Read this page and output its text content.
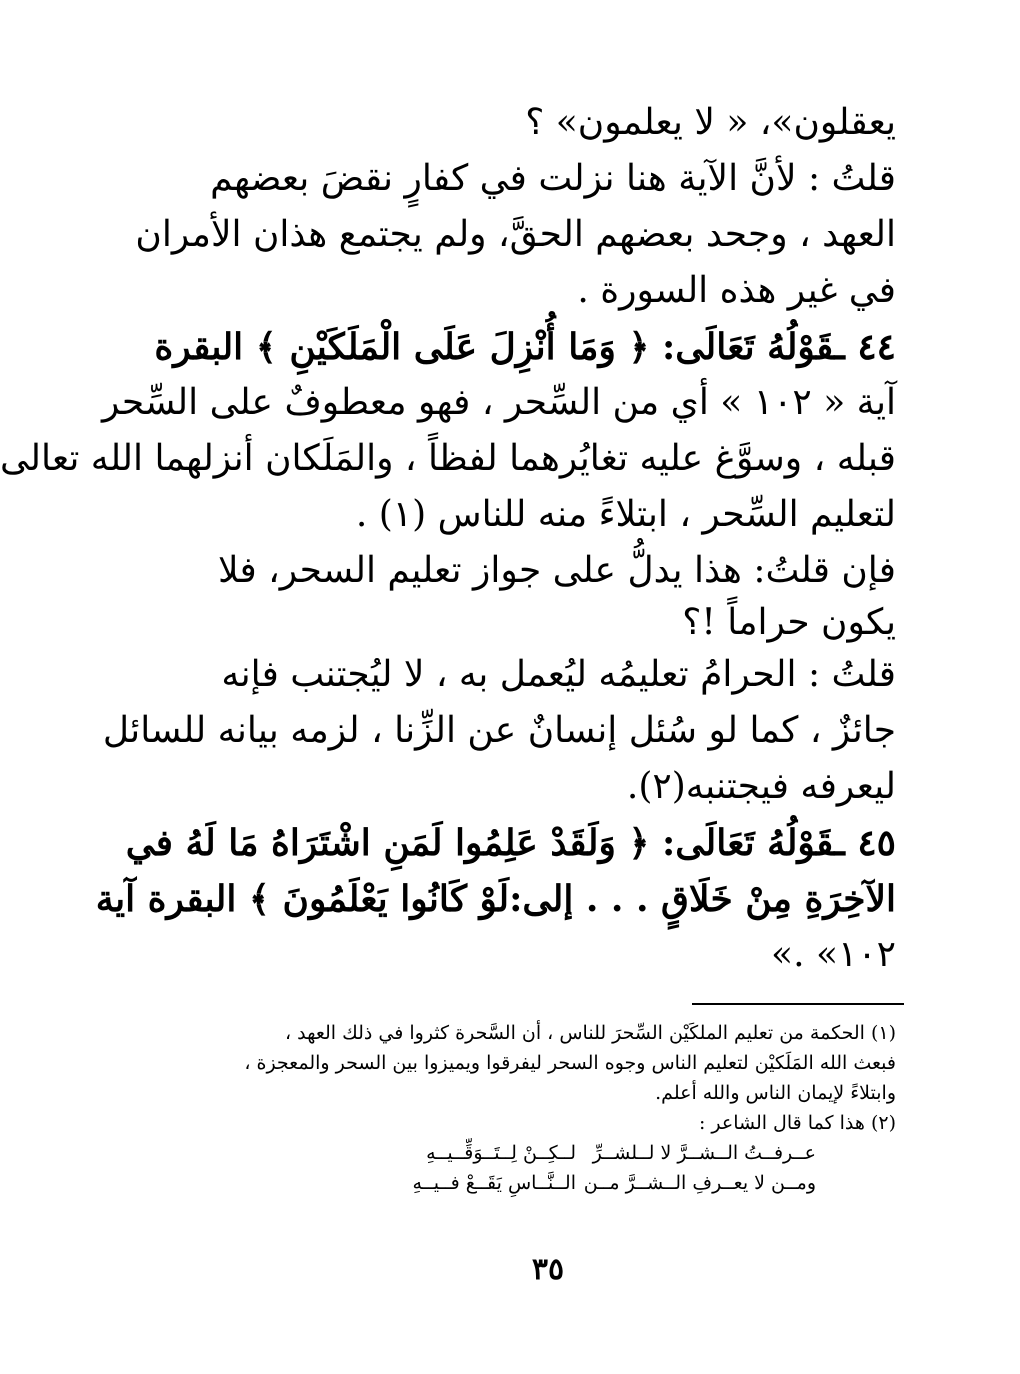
يعقلون»، « لا يعلمون» ؟
قلتُ : لأنَّ الآية هنا نزلت في كفارٍ نقضَ بعضهم
العهد ، وجحد بعضهم الحقَّ، ولم يجتمع هذان الأمران
في غير هذه السورة .
٤٤ ـقَوْلُهُ تَعَالَى: ﴿ وَمَا أُنْزِلَ عَلَى الْمَلَكَيْنِ ﴾ البقرة
آية « ١٠٢ » أي من السِّحر ، فهو معطوفٌ على السِّحر
قبله ، وسوَّغ عليه تغايُرهما لفظاً ، والمَلَكان أنزلهما الله تعالى
لتعليم السِّحر ، ابتلاءً منه للناس (١) .
فإن قلتُ: هذا يدلُّ على جواز تعليم السحر، فلا
يكون حراماً !؟
قلتُ : الحرامُ تعليمُه ليُعمل به ، لا ليُجتنب فإنه
جائزٌ ، كما لو سُئل إنسانٌ عن الزِّنا ، لزمه بيانه للسائل
ليعرفه فيجتنبه(٢).
٤٥ ـقَوْلُهُ تَعَالَى: ﴿ وَلَقَدْ عَلِمُوا لَمَنِ اشْتَرَاهُ مَا لَهُ في
الآخِرَةِ مِنْ خَلَاقٍ . . . إلى:لَوْ كَانُوا يَعْلَمُونَ ﴾ البقرة آية
١٠٢» .»
(١) الحكمة من تعليم الملكَيْن السِّحرَ للناس ، أن السَّحرة كثروا في ذلك العهد ،
فبعث الله المَلَكيْن لتعليم الناس وجوه السحر ليفرقوا ويميزوا بين السحر والمعجزة ،
وابتلاءً لإيمان الناس والله أعلم.
(٢) هذا كما قال الشاعر :
عــرفــتُ الــشــرَّ لا لــلشــرِّ
لــكِــنْ لِــتَــوَقِّــيــهِ
ومــن لا يعــرفِ الــشــرَّ مــن
الــنَّــاسِ يَقَــعْ فــيــهِ
٣٥
